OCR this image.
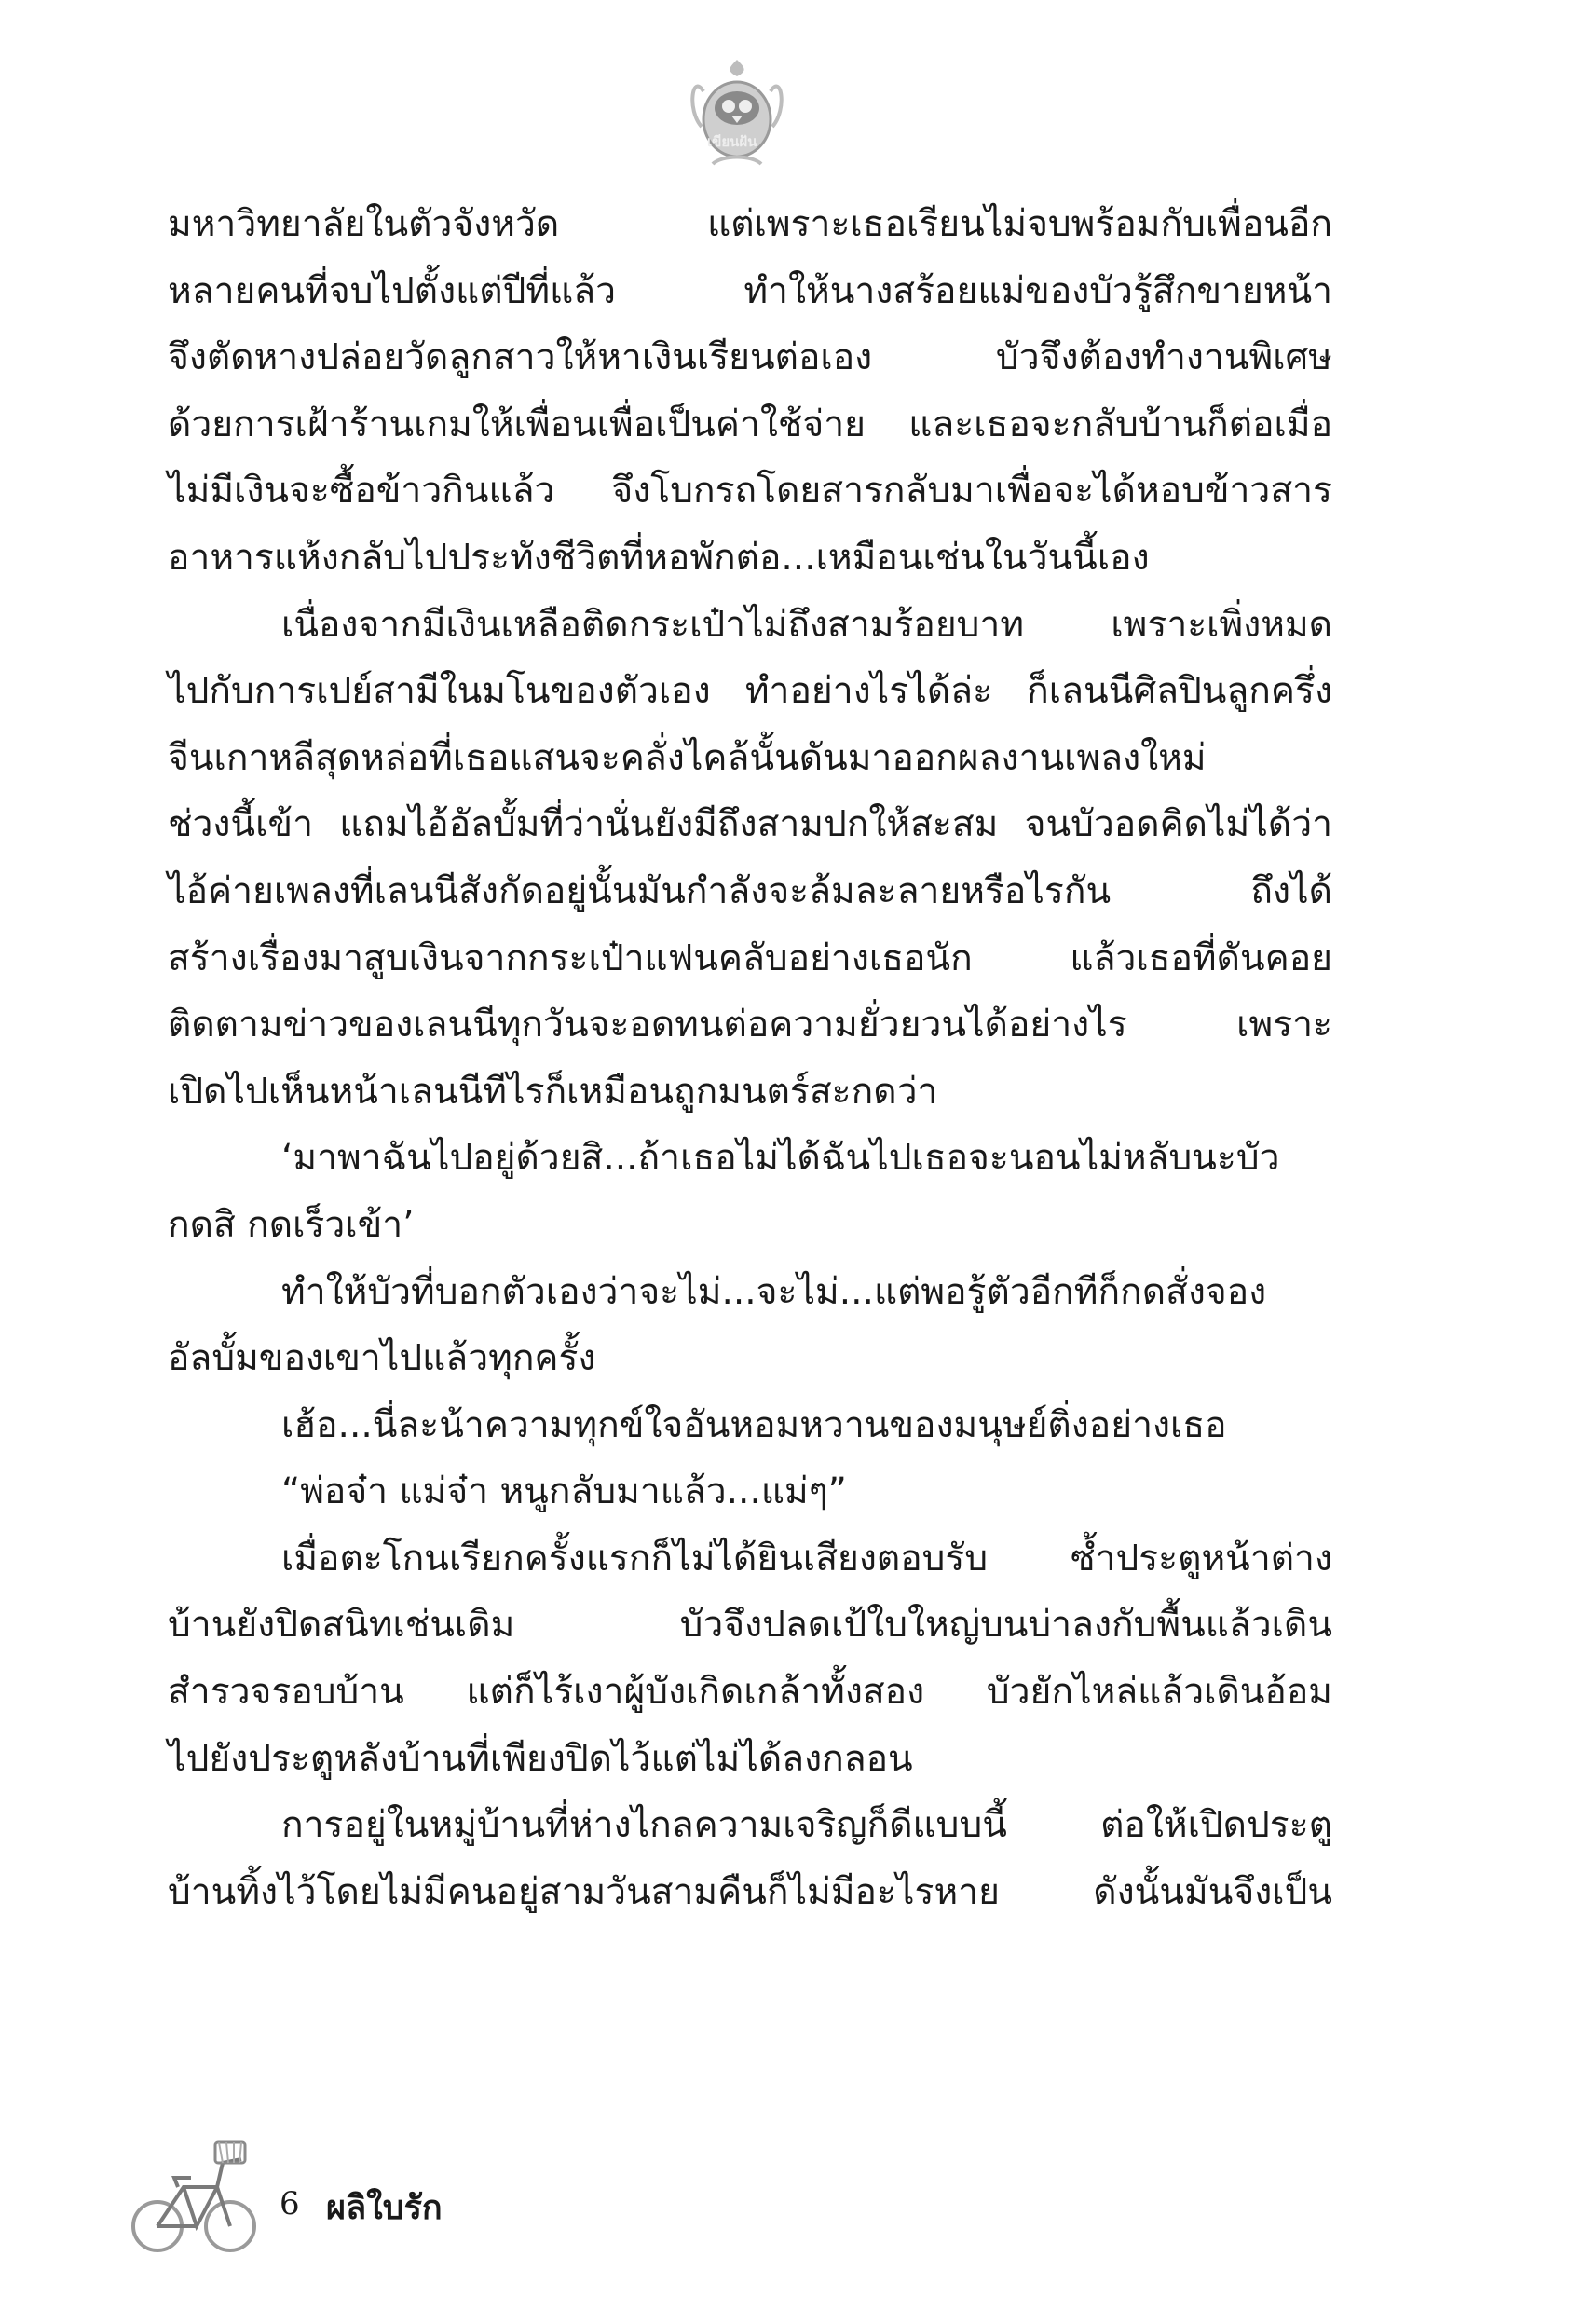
เขียนฝัน
มหาวิทยาลัยในตัวจังหวัด แต่เพราะเธอเรียนไม่จบพร้อมกับเพื่อนอีก
หลายคนที่จบไปตั้งแต่ปีที่แล้ว ทำให้นางสร้อยแม่ของบัวรู้สึกขายหน้า
จึงตัดหางปล่อยวัดลูกสาวให้หาเงินเรียนต่อเอง บัวจึงต้องทำงานพิเศษ
ด้วยการเฝ้าร้านเกมให้เพื่อนเพื่อเป็นค่าใช้จ่าย และเธอจะกลับบ้านก็ต่อเมื่อ
ไม่มีเงินจะซื้อข้าวกินแล้ว จึงโบกรถโดยสารกลับมาเพื่อจะได้หอบข้าวสาร
อาหารแห้งกลับไปประทังชีวิตที่หอพักต่อ...เหมือนเช่นในวันนี้เอง
เนื่องจากมีเงินเหลือติดกระเป๋าไม่ถึงสามร้อยบาท เพราะเพิ่งหมด
ไปกับการเปย์สามีในมโนของตัวเอง ทำอย่างไรได้ล่ะ ก็เลนนีศิลปินลูกครึ่ง
จีนเกาหลีสุดหล่อที่เธอแสนจะคลั่งไคล้นั้นดันมาออกผลงานเพลงใหม่
ช่วงนี้เข้า แถมไอ้อัลบั้มที่ว่านั่นยังมีถึงสามปกให้สะสม จนบัวอดคิดไม่ได้ว่า
ไอ้ค่ายเพลงที่เลนนีสังกัดอยู่นั้นมันกำลังจะล้มละลายหรือไรกัน ถึงได้
สร้างเรื่องมาสูบเงินจากกระเป๋าแฟนคลับอย่างเธอนัก แล้วเธอที่ดันคอย
ติดตามข่าวของเลนนีทุกวันจะอดทนต่อความยั่วยวนได้อย่างไร เพราะ
เปิดไปเห็นหน้าเลนนีทีไรก็เหมือนถูกมนตร์สะกดว่า
‘มาพาฉันไปอยู่ด้วยสิ...ถ้าเธอไม่ได้ฉันไปเธอจะนอนไม่หลับนะบัว
กดสิ กดเร็วเข้า’
ทำให้บัวที่บอกตัวเองว่าจะไม่...จะไม่...แต่พอรู้ตัวอีกทีก็กดสั่งจอง
อัลบั้มของเขาไปแล้วทุกครั้ง
เฮ้อ...นี่ละน้าความทุกข์ใจอันหอมหวานของมนุษย์ติ่งอย่างเธอ
“พ่อจ๋า แม่จ๋า หนูกลับมาแล้ว...แม่ๆ”
เมื่อตะโกนเรียกครั้งแรกก็ไม่ได้ยินเสียงตอบรับ ซ้ำประตูหน้าต่าง
บ้านยังปิดสนิทเช่นเดิม บัวจึงปลดเป้ใบใหญ่บนบ่าลงกับพื้นแล้วเดิน
สำรวจรอบบ้าน แต่ก็ไร้เงาผู้บังเกิดเกล้าทั้งสอง บัวยักไหล่แล้วเดินอ้อม
ไปยังประตูหลังบ้านที่เพียงปิดไว้แต่ไม่ได้ลงกลอน
การอยู่ในหมู่บ้านที่ห่างไกลความเจริญก็ดีแบบนี้ ต่อให้เปิดประตู
บ้านทิ้งไว้โดยไม่มีคนอยู่สามวันสามคืนก็ไม่มีอะไรหาย ดังนั้นมันจึงเป็น
6 ผลิใบรัก
